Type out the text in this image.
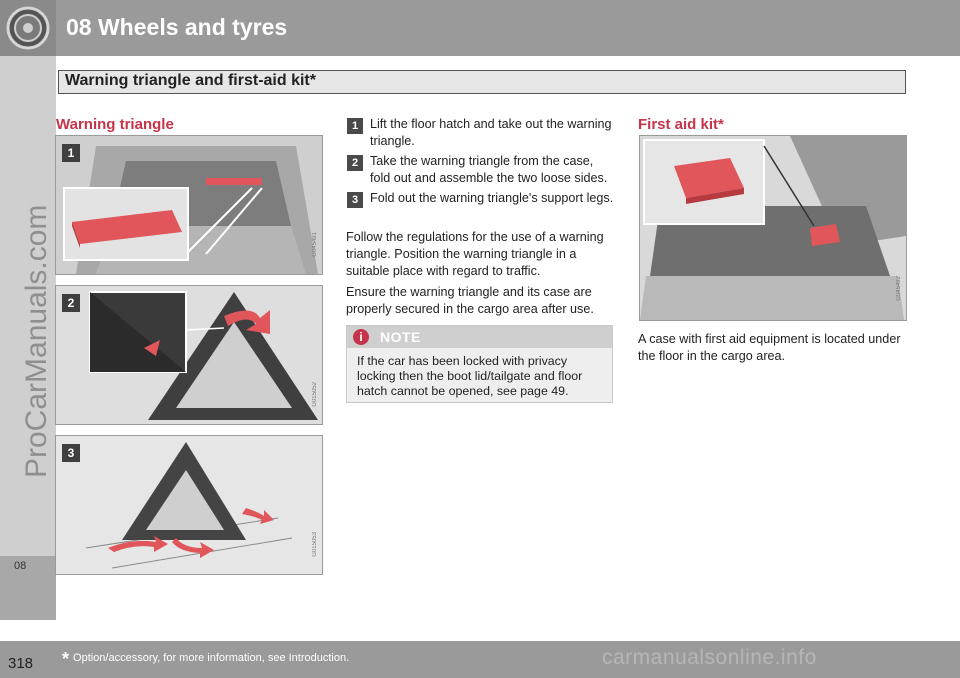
08 Wheels and tyres
Warning triangle and first-aid kit*
08
ProCarManuals.com
Warning triangle
1
G045491
2
G015052
3
G015053
1 Lift the floor hatch and take out the warning triangle.
2 Take the warning triangle from the case, fold out and assemble the two loose sides.
3 Fold out the warning triangle's support legs.
Follow the regulations for the use of a warning triangle. Position the warning triangle in a suitable place with regard to traffic.
Ensure the warning triangle and its case are properly secured in the cargo area after use.
i	NOTE
If the car has been locked with privacy locking then the boot lid/tailgate and floor hatch cannot be opened, see page 49.
First aid kit*
G045492
A case with first aid equipment is located under the floor in the cargo area.
318 * Option/accessory, for more information, see Introduction.	carmanualsonline.info
